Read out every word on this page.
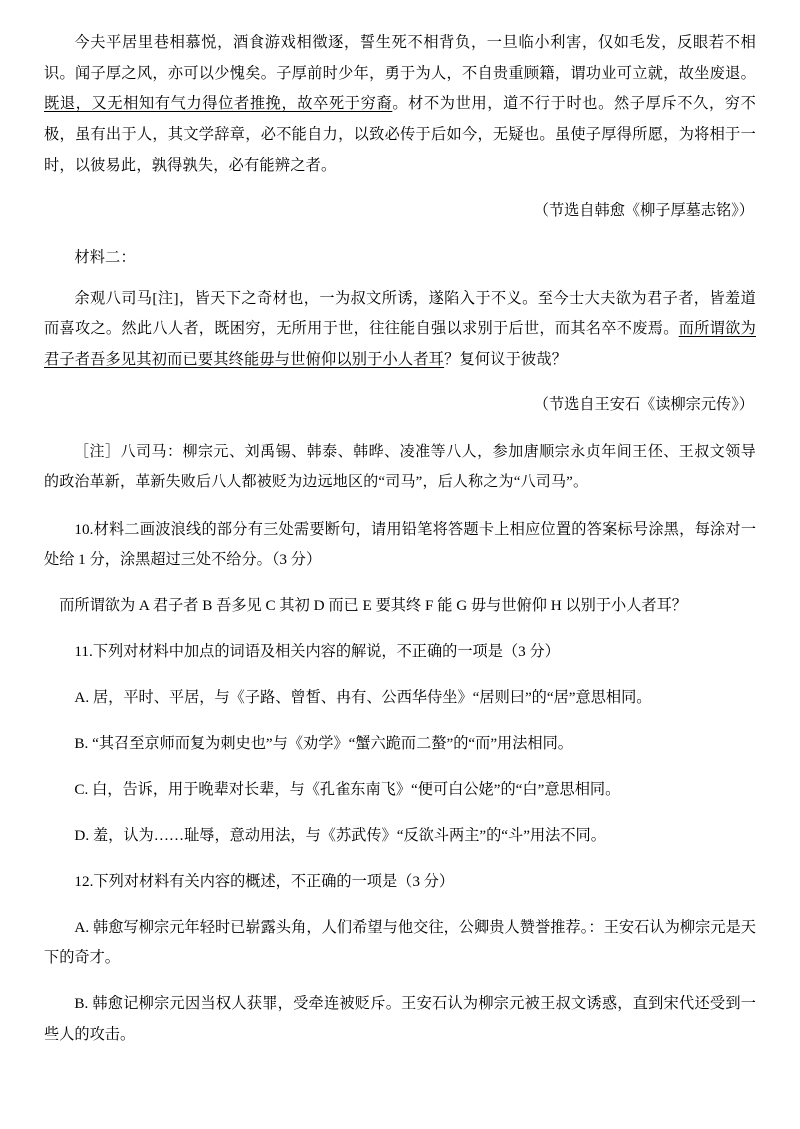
今夫平居里巷相慕悦，酒食游戏相徵逐，誓生死不相背负，一旦临小利害，仅如毛发，反眼若不相识。闻子厚之风，亦可以少愧矣。子厚前时少年，勇于为人，不自贵重顾籍，谓功业可立就，故坐废退。既退，又无相知有气力得位者推挽，故卒死于穷裔。材不为世用，道不行于时也。然子厚斥不久，穷不极，虽有出于人，其文学辞章，必不能自力，以致必传于后如今，无疑也。虽使子厚得所愿，为将相于一时，以彼易此，孰得孰失，必有能辨之者。

（节选自韩愈《柳子厚墓志铭》）

材料二：

余观八司马[注]，皆天下之奇材也，一为叔文所诱，遂陷入于不义。至今士大夫欲为君子者，皆羞道而喜攻之。然此八人者，既困穷，无所用于世，往往能自强以求别于后世，而其名卒不废焉。而所谓欲为君子者吾多见其初而已要其终能毋与世俯仰以别于小人者耳？复何议于彼哉？

（节选自王安石《读柳宗元传》）

［注］八司马：柳宗元、刘禹锡、韩泰、韩晔、凌准等八人，参加唐顺宗永贞年间王伾、王叔文领导的政治革新，革新失败后八人都被贬为边远地区的“司马”，后人称之为“八司马”。

10.材料二画波浪线的部分有三处需要断句，请用铅笔将答题卡上相应位置的答案标号涂黑，每涂对一处给 1 分，涂黑超过三处不给分。（3 分）

而所谓欲为 A 君子者 B 吾多见 C 其初 D 而已 E 要其终 F 能 G 毋与世俯仰 H 以别于小人者耳？

11.下列对材料中加点的词语及相关内容的解说，不正确的一项是（3 分）

A. 居，平时、平居，与《子路、曾皙、冉有、公西华侍坐》“居则曰”的“居”意思相同。

B. “其召至京师而复为刺史也”与《劝学》“蟹六跪而二螯”的“而”用法相同。

C. 白，告诉，用于晚辈对长辈，与《孔雀东南飞》“便可白公姥”的“白”意思相同。

D. 羞，认为……耻辱，意动用法，与《苏武传》“反欲斗两主”的“斗”用法不同。

12.下列对材料有关内容的概述，不正确的一项是（3 分）

A. 韩愈写柳宗元年轻时已崭露头角，人们希望与他交往，公卿贵人赞誉推荐。：王安石认为柳宗元是天下的奇才。

B. 韩愈记柳宗元因当权人获罪，受牵连被贬斥。王安石认为柳宗元被王叔文诱惑，直到宋代还受到一些人的攻击。
